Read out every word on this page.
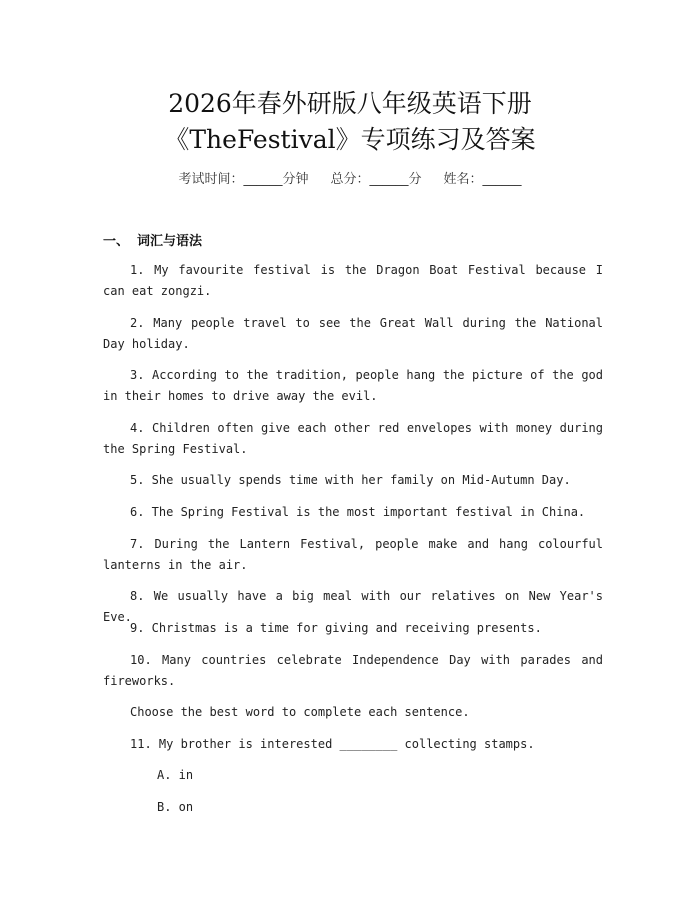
2026年春外研版八年级英语下册
《TheFestival》专项练习及答案
考试时间：______分钟 总分：______分 姓名：______
一、 词汇与语法
1. My favourite festival is the Dragon Boat Festival because I can eat zongzi.
2. Many people travel to see the Great Wall during the National Day holiday.
3. According to the tradition, people hang the picture of the god in their homes to drive away the evil.
4. Children often give each other red envelopes with money during the Spring Festival.
5. She usually spends time with her family on Mid-Autumn Day.
6. The Spring Festival is the most important festival in China.
7. During the Lantern Festival, people make and hang colourful lanterns in the air.
8. We usually have a big meal with our relatives on New Year's Eve.
9. Christmas is a time for giving and receiving presents.
10. Many countries celebrate Independence Day with parades and fireworks.
Choose the best word to complete each sentence.
11. My brother is interested ________ collecting stamps.
A. in
B. on
